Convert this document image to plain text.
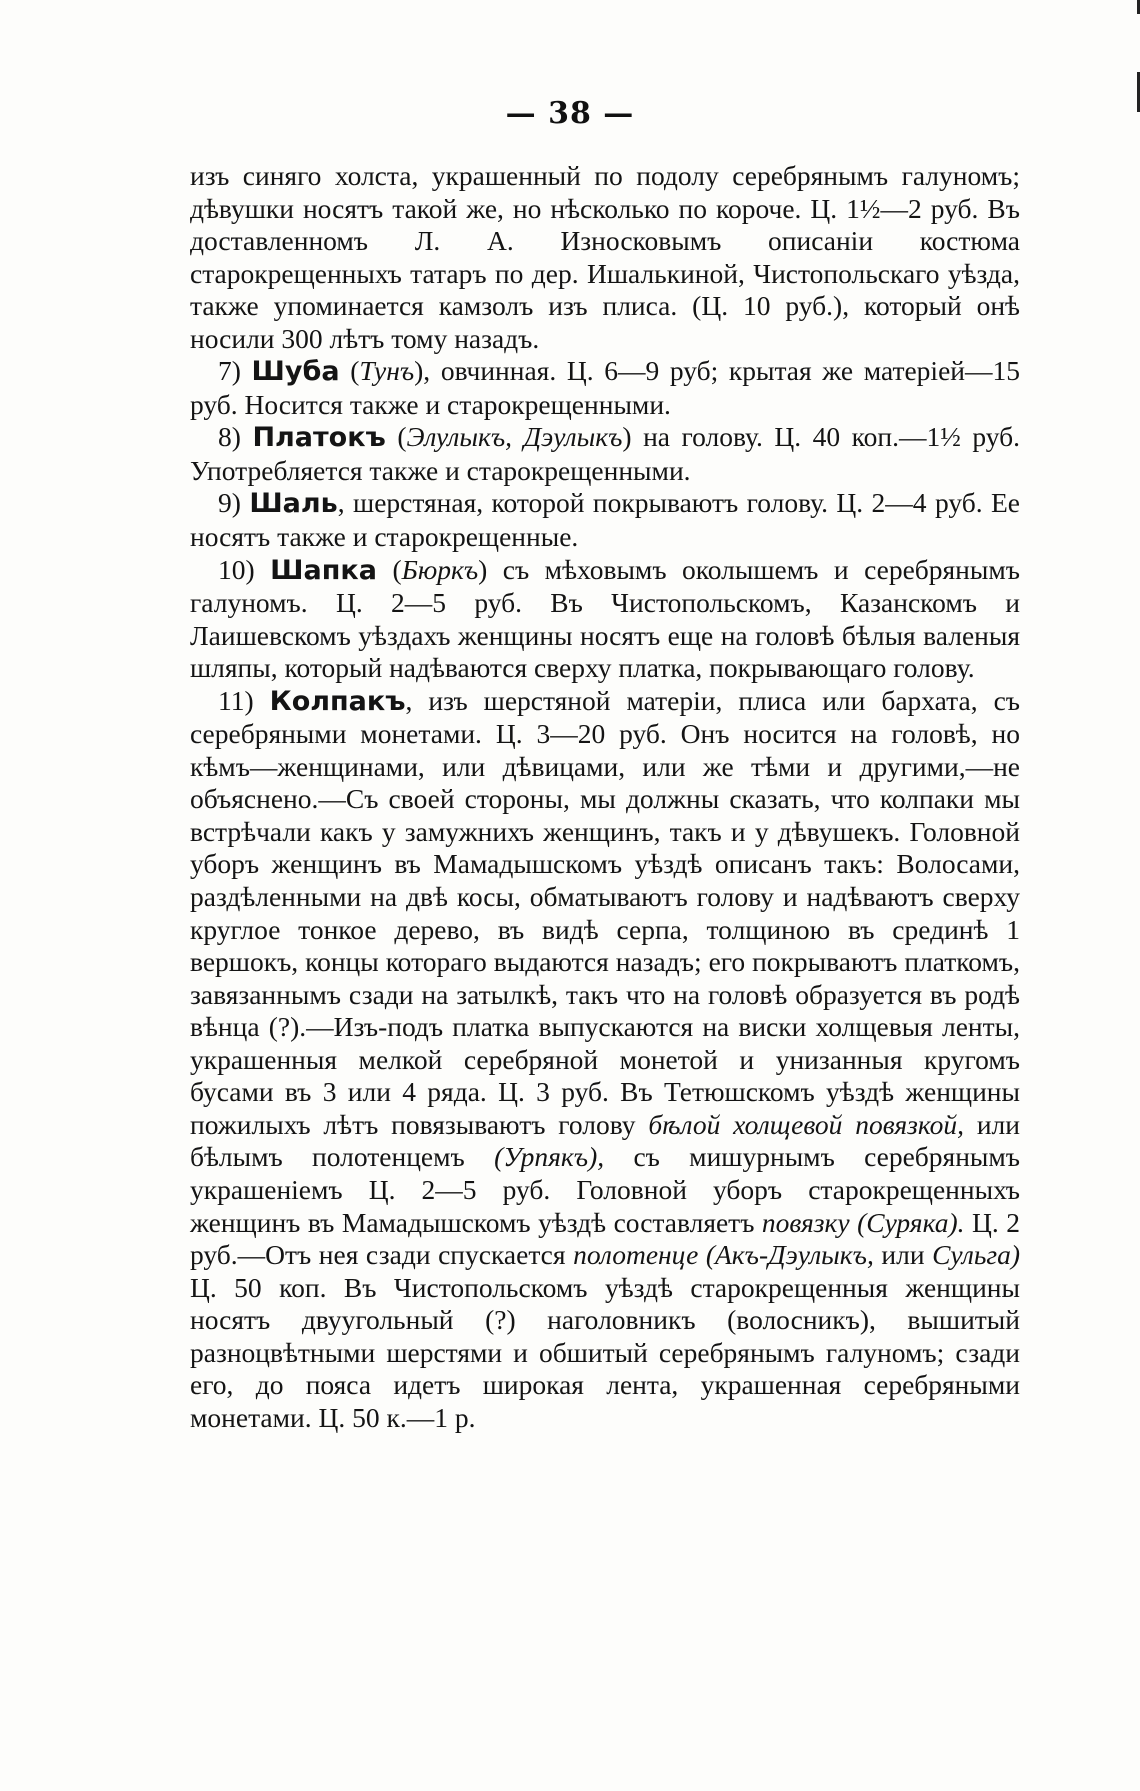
— 38 —

изъ синяго холста, украшенный по подолу серебрянымъ галуномъ; дѣвушки носятъ такой же, но нѣсколько по короче. Ц. 1½—2 руб. Въ доставленномъ Л. А. Износковымъ описаніи костюма старокрещенныхъ татаръ по дер. Ишалькиной, Чистопольскаго уѣзда, также упоминается камзолъ изъ плиса. (Ц. 10 руб.), который онѣ носили 300 лѣтъ тому назадъ.

7) Шуба (Тунъ), овчинная. Ц. 6—9 руб; крытая же матеріей—15 руб. Носится также и старокрещенными.

8) Платокъ (Элулыкъ, Дэулыкъ) на голову. Ц. 40 коп.—1½ руб. Употребляется также и старокрещенными.

9) Шаль, шерстяная, которой покрываютъ голову. Ц. 2—4 руб. Ее носятъ также и старокрещенные.

10) Шапка (Бюркъ) съ мѣховымъ околышемъ и серебрянымъ галуномъ. Ц. 2—5 руб. Въ Чистопольскомъ, Казанскомъ и Лаишевскомъ уѣздахъ женщины носятъ еще на головѣ бѣлыя валеныя шляпы, который надѣваются сверху платка, покрывающаго голову.

11) Колпакъ, изъ шерстяной матеріи, плиса или бархата, съ серебряными монетами. Ц. 3—20 руб. Онъ носится на головѣ, но кѣмъ—женщинами, или дѣвицами, или же тѣми и другими,—не объяснено.—Съ своей стороны, мы должны сказать, что колпаки мы встрѣчали какъ у замужнихъ женщинъ, такъ и у дѣвушекъ. Головной уборъ женщинъ въ Мамадышскомъ уѣздѣ описанъ такъ: Волосами, раздѣленными на двѣ косы, обматываютъ голову и надѣваютъ сверху круглое тонкое дерево, въ видѣ серпа, толщиною въ срединѣ 1 вершокъ, концы котораго выдаются назадъ; его покрываютъ платкомъ, завязаннымъ сзади на затылкѣ, такъ что на головѣ образуется въ родѣ вѣнца (?).—Изъ-подъ платка выпускаются на виски холщевыя ленты, украшенныя мелкой серебряной монетой и унизанныя кругомъ бусами въ 3 или 4 ряда. Ц. 3 руб. Въ Тетюшскомъ уѣздѣ женщины пожилыхъ лѣтъ повязываютъ голову бѣлой холщевой повязкой, или бѣлымъ полотенцемъ (Урпякъ), съ мишурнымъ серебрянымъ украшеніемъ Ц. 2—5 руб. Головной уборъ старокрещенныхъ женщинъ въ Мамадышскомъ уѣздѣ составляетъ повязку (Суряка). Ц. 2 руб.—Отъ нея сзади спускается полотенце (Акъ-Дэулыкъ, или Сульга) Ц. 50 коп. Въ Чистопольскомъ уѣздѣ старокрещенныя женщины носятъ двуугольный (?) наголовникъ (волосникъ), вышитый разноцвѣтными шерстями и обшитый серебрянымъ галуномъ; сзади его, до пояса идетъ широкая лента, украшенная серебряными монетами. Ц. 50 к.—1 р.
